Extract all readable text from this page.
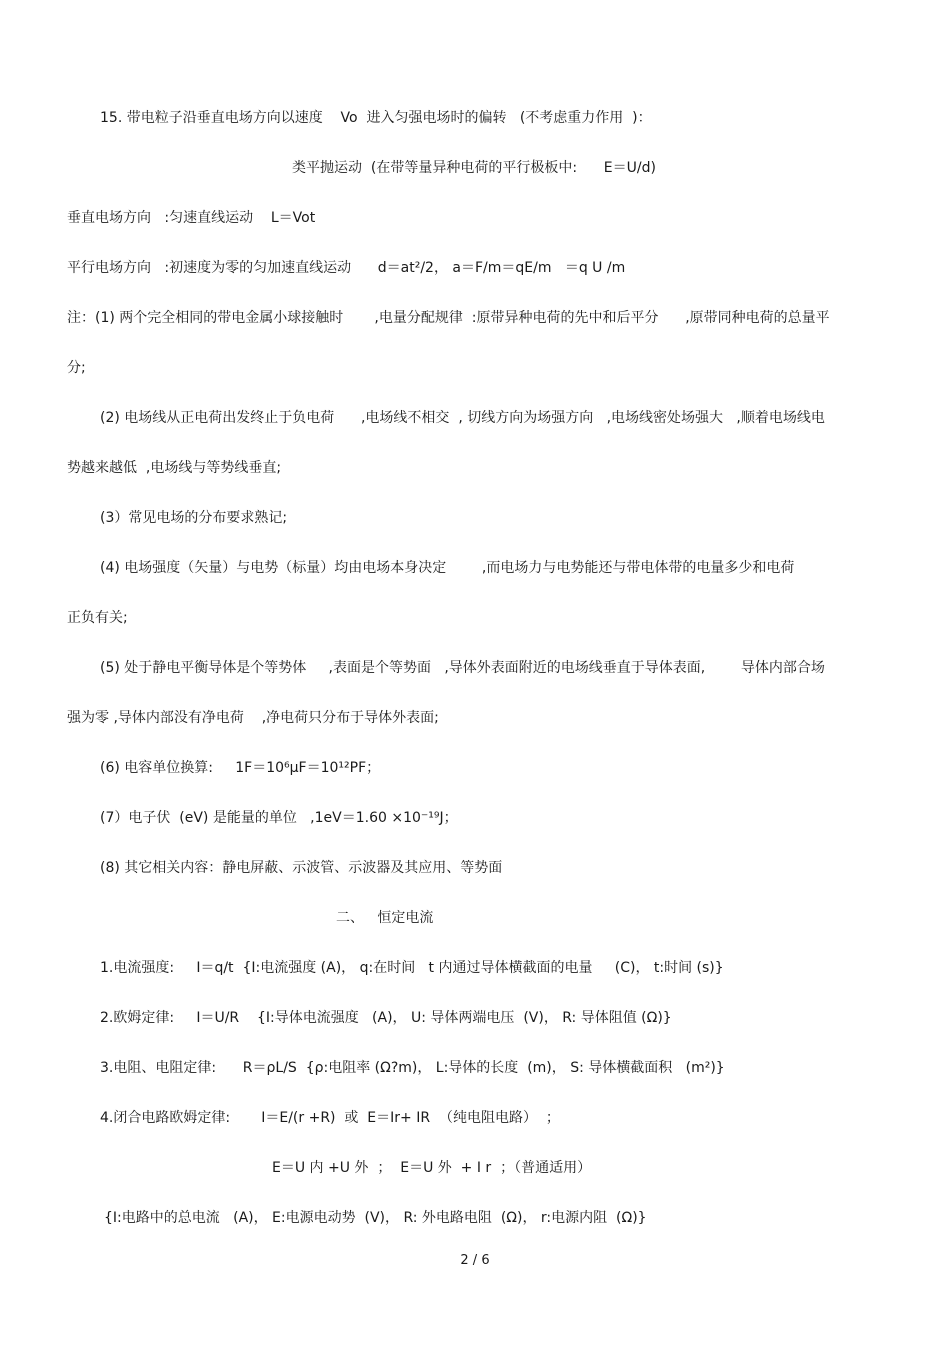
15. 带电粒子沿垂直电场方向以速度    Vo  进入匀强电场时的偏转   (不考虑重力作用  )：
类平抛运动  (在带等量异种电荷的平行极板中:      E＝U/d)
垂直电场方向   :匀速直线运动    L＝Vot
平行电场方向   :初速度为零的匀加速直线运动      d＝at²/2， a＝F/m＝qE/m   ＝q U /m
注：(1) 两个完全相同的带电金属小球接触时       ,电量分配规律  :原带异种电荷的先中和后平分      ,原带同种电荷的总量平
分;
(2) 电场线从正电荷出发终止于负电荷      ,电场线不相交  , 切线方向为场强方向   ,电场线密处场强大   ,顺着电场线电
势越来越低  ,电场线与等势线垂直;
(3）常见电场的分布要求熟记;
(4) 电场强度（矢量）与电势（标量）均由电场本身决定        ,而电场力与电势能还与带电体带的电量多少和电荷
正负有关;
(5) 处于静电平衡导体是个等势体     ,表面是个等势面   ,导体外表面附近的电场线垂直于导体表面,        导体内部合场
强为零 ,导体内部没有净电荷    ,净电荷只分布于导体外表面;
(6) 电容单位换算:     1F＝10⁶μF＝10¹²PF；
(7）电子伏  (eV) 是能量的单位   ,1eV＝1.60 ×10⁻¹⁹J；
(8) 其它相关内容：静电屏蔽、示波管、示波器及其应用、等势面
二、   恒定电流
1.电流强度:     I＝q/t  {I:电流强度 (A)， q:在时间   t 内通过导体横截面的电量     (C)， t:时间 (s)}
2.欧姆定律:     I＝U/R    {I:导体电流强度   (A)， U: 导体两端电压  (V)， R: 导体阻值 (Ω)}
3.电阻、电阻定律:      R＝ρL/S  {ρ:电阻率 (Ω?m)， L:导体的长度  (m)， S: 导体横截面积   (m²)}
4.闭合电路欧姆定律:       I＝E/(r +R)  或  E＝Ir+ IR  （纯电阻电路）  ；
E＝U 内 +U 外  ；  E＝U 外  + I r  ；（普通适用）
{I:电路中的总电流   (A)， E:电源电动势  (V)， R: 外电路电阻  (Ω)， r:电源内阻  (Ω)}
2 / 6
